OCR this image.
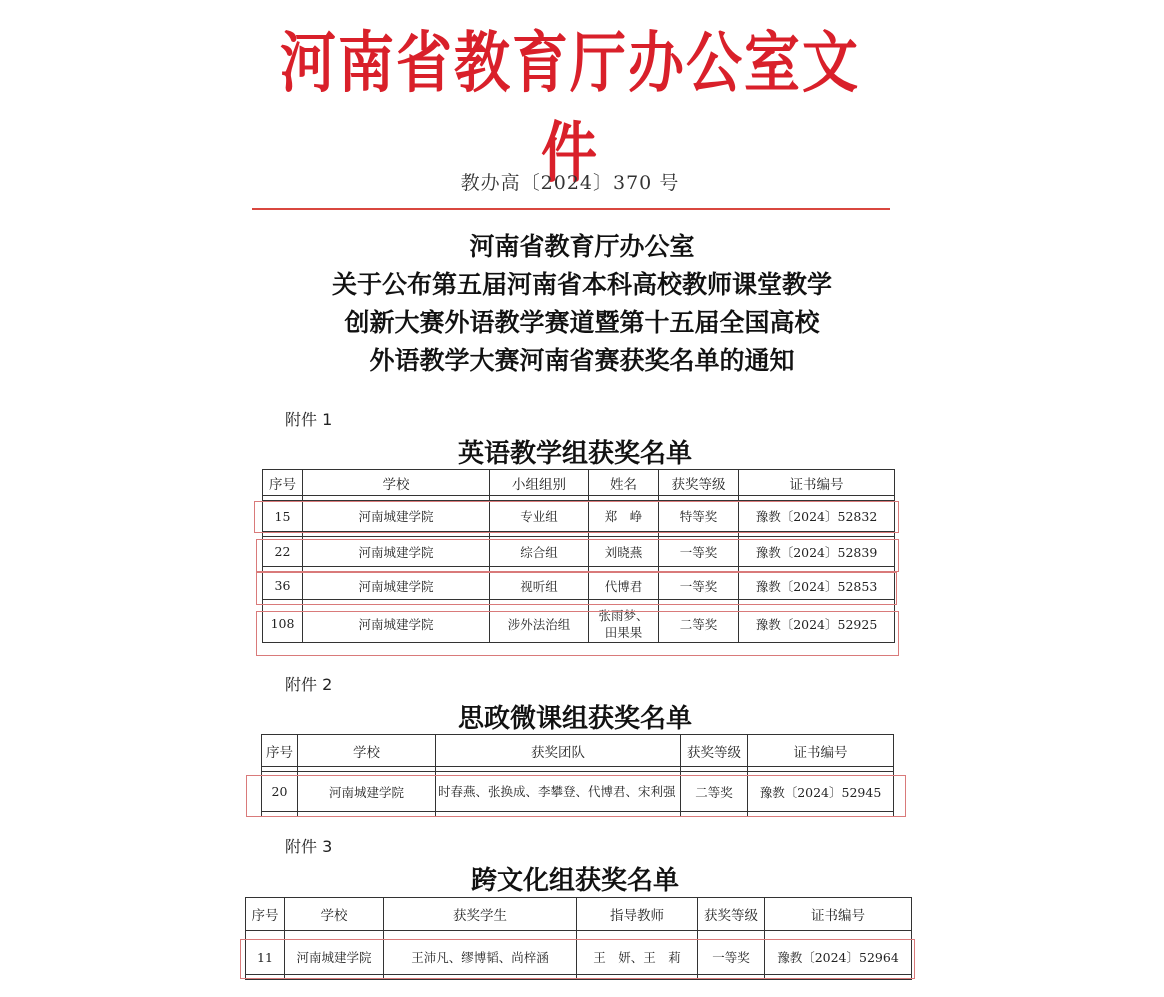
河南省教育厅办公室文件
教办高〔2024〕370 号
河南省教育厅办公室
关于公布第五届河南省本科高校教师课堂教学
创新大赛外语教学赛道暨第十五届全国高校
外语教学大赛河南省赛获奖名单的通知
附件 1
英语教学组获奖名单
序号	学校	小组组别	姓名	获奖等级	证书编号

15	河南城建学院	专业组	郑　峥	特等奖	豫教〔2024〕52832

22	河南城建学院	综合组	刘晓燕	一等奖	豫教〔2024〕52839

36	河南城建学院	视听组	代博君	一等奖	豫教〔2024〕52853

108	河南城建学院	涉外法治组	张雨梦、田果果	二等奖	豫教〔2024〕52925
附件 2
思政微课组获奖名单
序号	学校	获奖团队	获奖等级	证书编号

20	河南城建学院	时春燕、张换成、李攀登、代博君、宋利强	二等奖	豫教〔2024〕52945

附件 3
跨文化组获奖名单
序号	学校	获奖学生	指导教师	获奖等级	证书编号

11	河南城建学院	王沛凡、缪博韬、尚梓涵	王　妍、王　莉	一等奖	豫教〔2024〕52964
